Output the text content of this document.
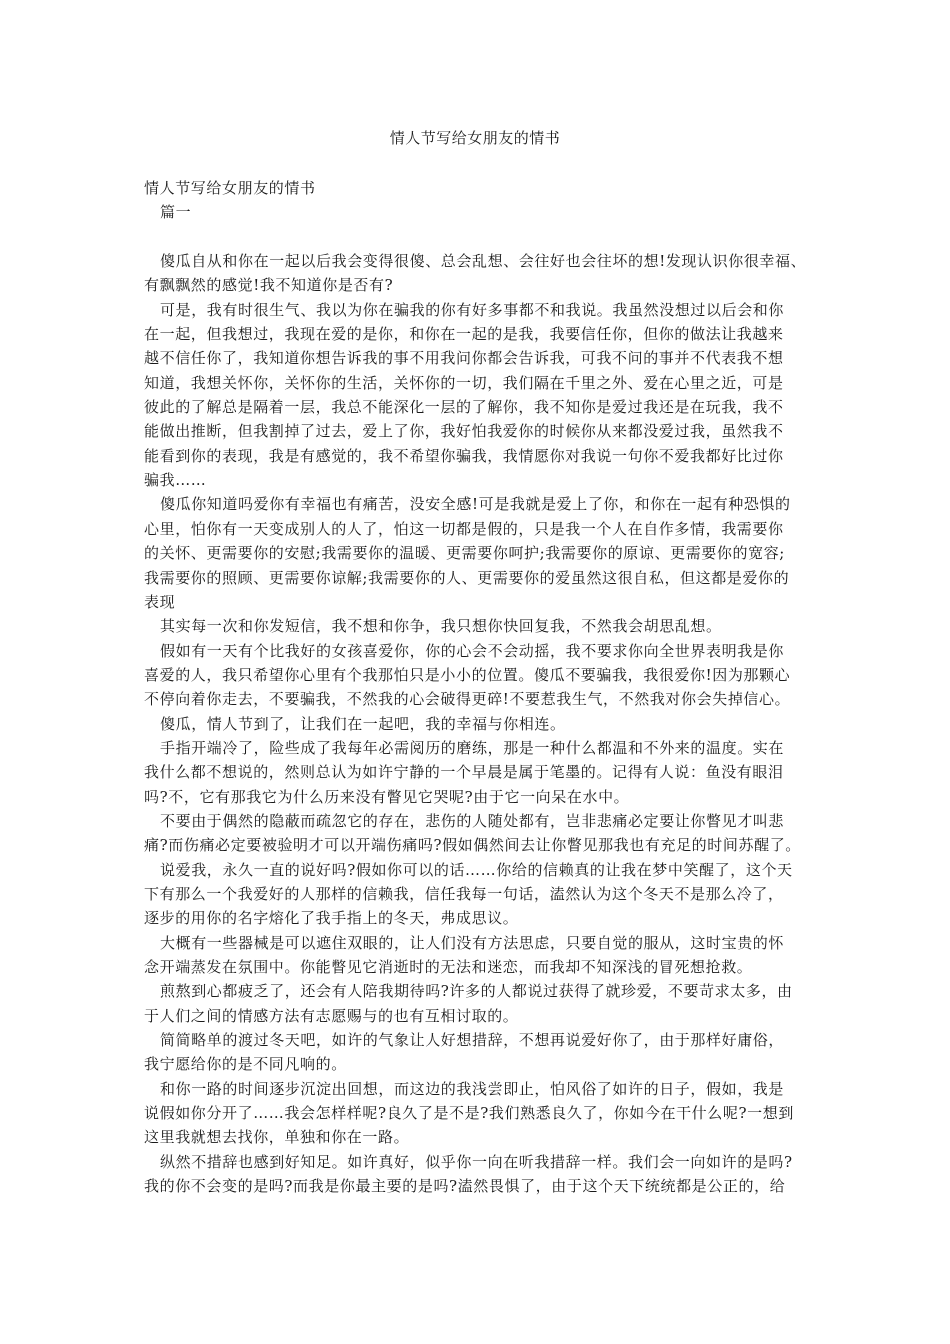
情人节写给女朋友的情书
情人节写给女朋友的情书
篇一
傻瓜自从和你在一起以后我会变得很傻、总会乱想、会往好也会往坏的想!发现认识你很幸福、
有飘飘然的感觉!我不知道你是否有?
可是，我有时很生气、我以为你在骗我的你有好多事都不和我说。我虽然没想过以后会和你
在一起，但我想过，我现在爱的是你，和你在一起的是我，我要信任你，但你的做法让我越来
越不信任你了，我知道你想告诉我的事不用我问你都会告诉我，可我不问的事并不代表我不想
知道，我想关怀你，关怀你的生活，关怀你的一切，我们隔在千里之外、爱在心里之近，可是
彼此的了解总是隔着一层，我总不能深化一层的了解你，我不知你是爱过我还是在玩我，我不
能做出推断，但我割掉了过去，爱上了你，我好怕我爱你的时候你从来都没爱过我，虽然我不
能看到你的表现，我是有感觉的，我不希望你骗我，我情愿你对我说一句你不爱我都好比过你
骗我……
傻瓜你知道吗爱你有幸福也有痛苦，没安全感!可是我就是爱上了你，和你在一起有种恐惧的
心里，怕你有一天变成别人的人了，怕这一切都是假的，只是我一个人在自作多情，我需要你
的关怀、更需要你的安慰;我需要你的温暖、更需要你呵护;我需要你的原谅、更需要你的宽容;
我需要你的照顾、更需要你谅解;我需要你的人、更需要你的爱虽然这很自私，但这都是爱你的
表现
其实每一次和你发短信，我不想和你争，我只想你快回复我，不然我会胡思乱想。
假如有一天有个比我好的女孩喜爱你，你的心会不会动摇，我不要求你向全世界表明我是你
喜爱的人，我只希望你心里有个我那怕只是小小的位置。傻瓜不要骗我，我很爱你!因为那颗心
不停向着你走去，不要骗我，不然我的心会破得更碎!不要惹我生气，不然我对你会失掉信心。
傻瓜，情人节到了，让我们在一起吧，我的幸福与你相连。
手指开端冷了，险些成了我每年必需阅历的磨练，那是一种什么都温和不外来的温度。实在
我什么都不想说的，然则总认为如许宁静的一个早晨是属于笔墨的。记得有人说：鱼没有眼泪
吗?不，它有那我它为什么历来没有瞥见它哭呢?由于它一向呆在水中。
不要由于偶然的隐蔽而疏忽它的存在，悲伤的人随处都有，岂非悲痛必定要让你瞥见才叫悲
痛?而伤痛必定要被验明才可以开端伤痛吗?假如偶然间去让你瞥见那我也有充足的时间苏醒了。
说爱我，永久一直的说好吗?假如你可以的话……你给的信赖真的让我在梦中笑醒了，这个天
下有那么一个我爱好的人那样的信赖我，信任我每一句话，溘然认为这个冬天不是那么冷了，
逐步的用你的名字熔化了我手指上的冬天，弗成思议。
大概有一些器械是可以遮住双眼的，让人们没有方法思虑，只要自觉的服从，这时宝贵的怀
念开端蒸发在氛围中。你能瞥见它消逝时的无法和迷恋，而我却不知深浅的冒死想抢救。
煎熬到心都疲乏了，还会有人陪我期待吗?许多的人都说过获得了就珍爱，不要苛求太多，由
于人们之间的情感方法有志愿赐与的也有互相讨取的。
简简略单的渡过冬天吧，如许的气象让人好想措辞，不想再说爱好你了，由于那样好庸俗，
我宁愿给你的是不同凡响的。
和你一路的时间逐步沉淀出回想，而这边的我浅尝即止，怕风俗了如许的日子，假如，我是
说假如你分开了……我会怎样样呢?良久了是不是?我们熟悉良久了，你如今在干什么呢?一想到
这里我就想去找你，单独和你在一路。
纵然不措辞也感到好知足。如许真好，似乎你一向在听我措辞一样。我们会一向如许的是吗?
我的你不会变的是吗?而我是你最主要的是吗?溘然畏惧了，由于这个天下统统都是公正的，给
